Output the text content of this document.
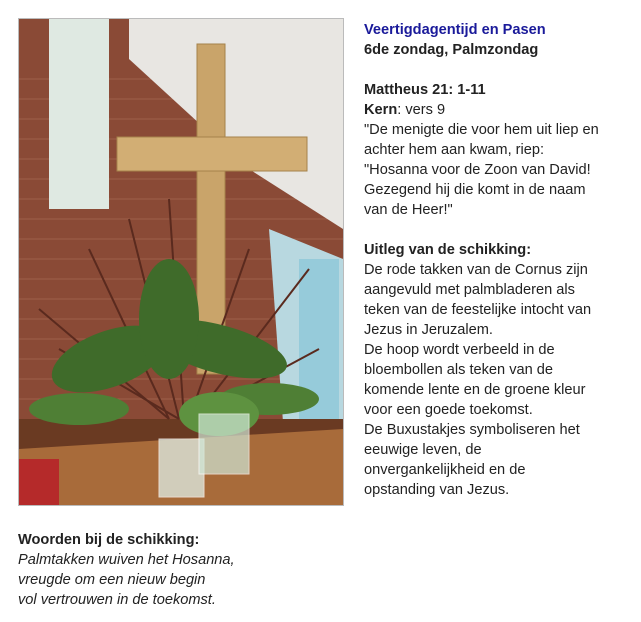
Veertigdagentijd en Pasen
6de zondag, Palmzondag
Mattheus 21: 1-11
Kern: vers 9
"De menigte die voor hem uit liep en
achter hem aan kwam, riep:
"Hosanna voor de Zoon van David!
Gezegend hij die komt in de naam
van de Heer!"
Uitleg van de schikking:
De rode takken van de Cornus zijn
aangevuld met palmbladeren als
teken van de feestelijke intocht van
Jezus in Jeruzalem.
De hoop wordt verbeeld in de
bloembollen als teken van de
komende lente en de groene kleur
voor een goede toekomst.
De Buxustakjes symboliseren het
eeuwige leven, de
onvergankelijkheid en de
opstanding van Jezus.
Woorden bij de schikking:
Palmtakken wuiven het Hosanna,
vreugde om een nieuw begin
vol vertrouwen in de toekomst.
